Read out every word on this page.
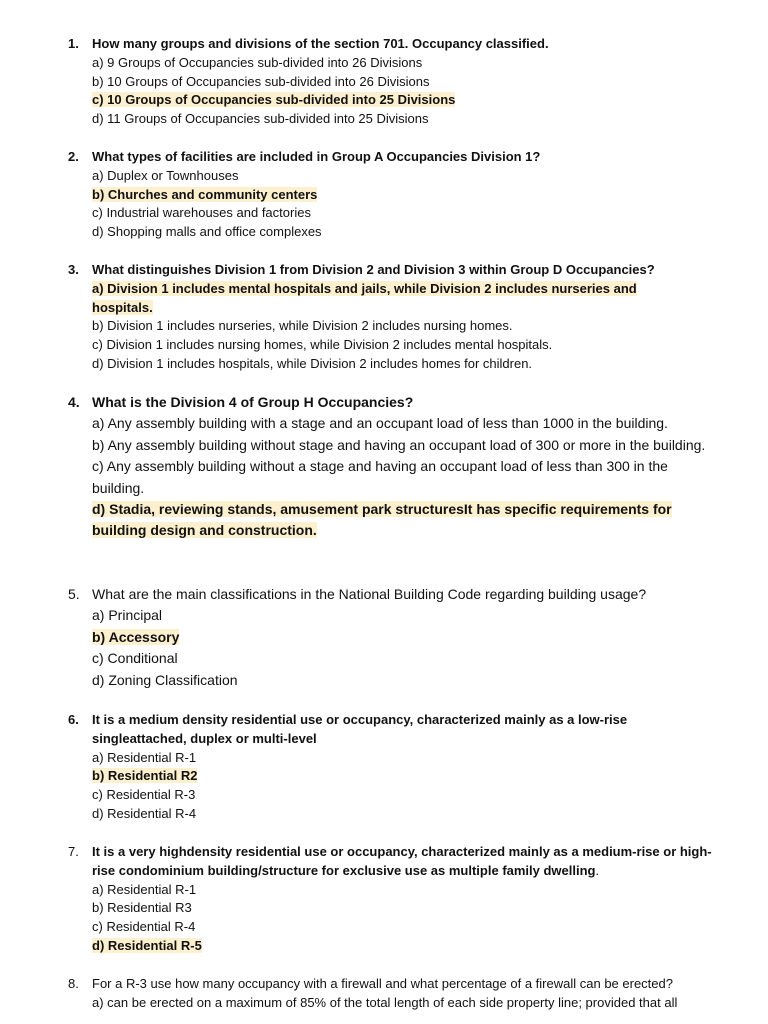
1. How many groups and divisions of the section 701. Occupancy classified.
a) 9 Groups of Occupancies sub-divided into 26 Divisions
b) 10 Groups of Occupancies sub-divided into 26 Divisions
c) 10 Groups of Occupancies sub-divided into 25 Divisions
d) 11 Groups of Occupancies sub-divided into 25 Divisions
2. What types of facilities are included in Group A Occupancies Division 1?
a) Duplex or Townhouses
b) Churches and community centers
c) Industrial warehouses and factories
d) Shopping malls and office complexes
3. What distinguishes Division 1 from Division 2 and Division 3 within Group D Occupancies?
a) Division 1 includes mental hospitals and jails, while Division 2 includes nurseries and hospitals.
b) Division 1 includes nurseries, while Division 2 includes nursing homes.
c) Division 1 includes nursing homes, while Division 2 includes mental hospitals.
d) Division 1 includes hospitals, while Division 2 includes homes for children.
4. What is the Division 4 of Group H Occupancies?
a) Any assembly building with a stage and an occupant load of less than 1000 in the building.
b) Any assembly building without stage and having an occupant load of 300 or more in the building.
c) Any assembly building without a stage and having an occupant load of less than 300 in the building.
d) Stadia, reviewing stands, amusement park structuresIt has specific requirements for building design and construction.
5. What are the main classifications in the National Building Code regarding building usage?
a) Principal
b) Accessory
c) Conditional
d) Zoning Classification
6. It is a medium density residential use or occupancy, characterized mainly as a low-rise singleattached, duplex or multi-level
a) Residential R-1
b) Residential R2
c) Residential R-3
d) Residential R-4
7. It is a very highdensity residential use or occupancy, characterized mainly as a medium-rise or high-rise condominium building/structure for exclusive use as multiple family dwelling.
a) Residential R-1
b) Residential R3
c) Residential R-4
d) Residential R-5
8. For a R-3 use how many occupancy with a firewall and what percentage of a firewall can be erected?
a) can be erected on a maximum of 85% of the total length of each side property line; provided that all
